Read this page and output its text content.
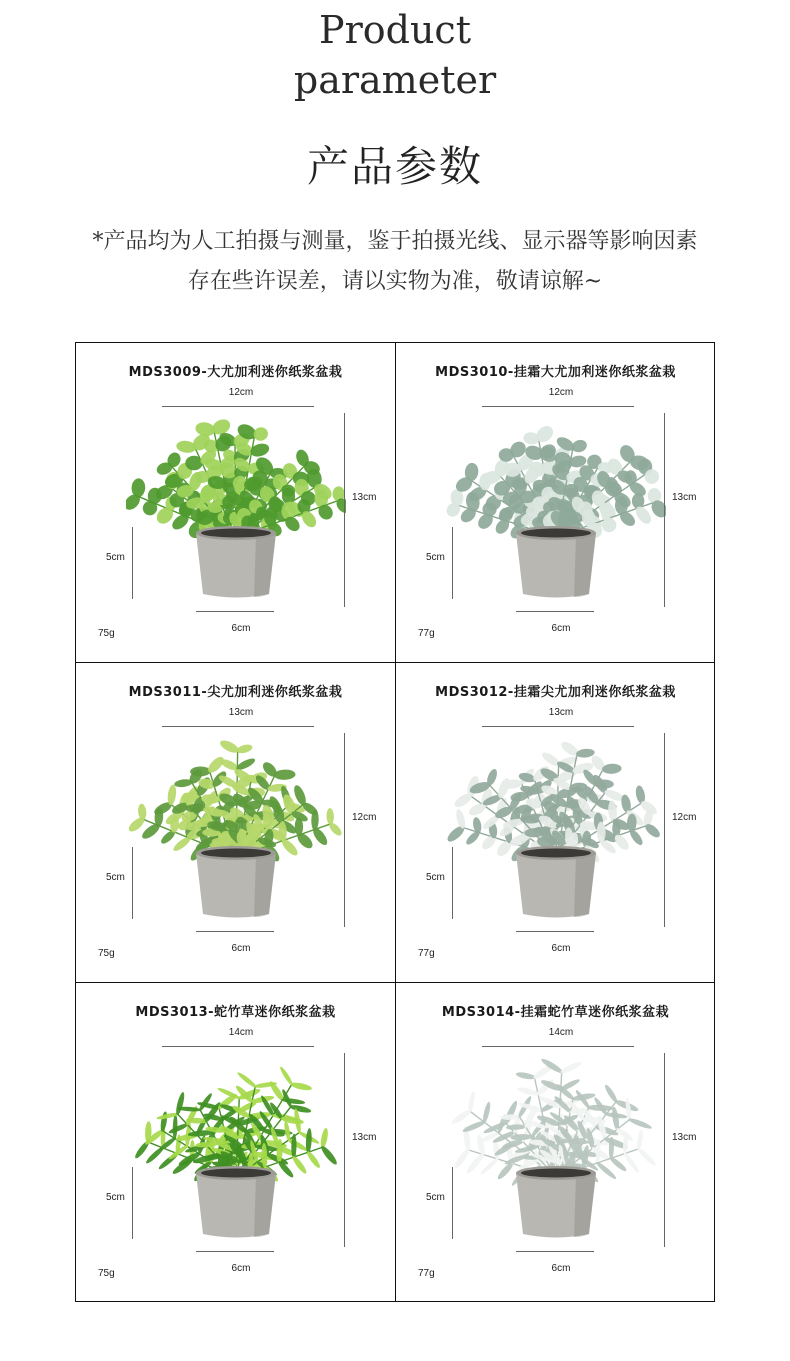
Product
parameter
产品参数
*产品均为人工拍摄与测量，鉴于拍摄光线、显示器等影响因素
存在些许误差，请以实物为准，敬请谅解~
MDS3009-大尤加利迷你纸浆盆栽
12cm
13cm
5cm
6cm
75g
MDS3010-挂霜大尤加利迷你纸浆盆栽
12cm
13cm
5cm
6cm
77g
MDS3011-尖尤加利迷你纸浆盆栽
13cm
12cm
5cm
6cm
75g
MDS3012-挂霜尖尤加利迷你纸浆盆栽
13cm
12cm
5cm
6cm
77g
MDS3013-蛇竹草迷你纸浆盆栽
14cm
13cm
5cm
6cm
75g
MDS3014-挂霜蛇竹草迷你纸浆盆栽
14cm
13cm
5cm
6cm
77g
